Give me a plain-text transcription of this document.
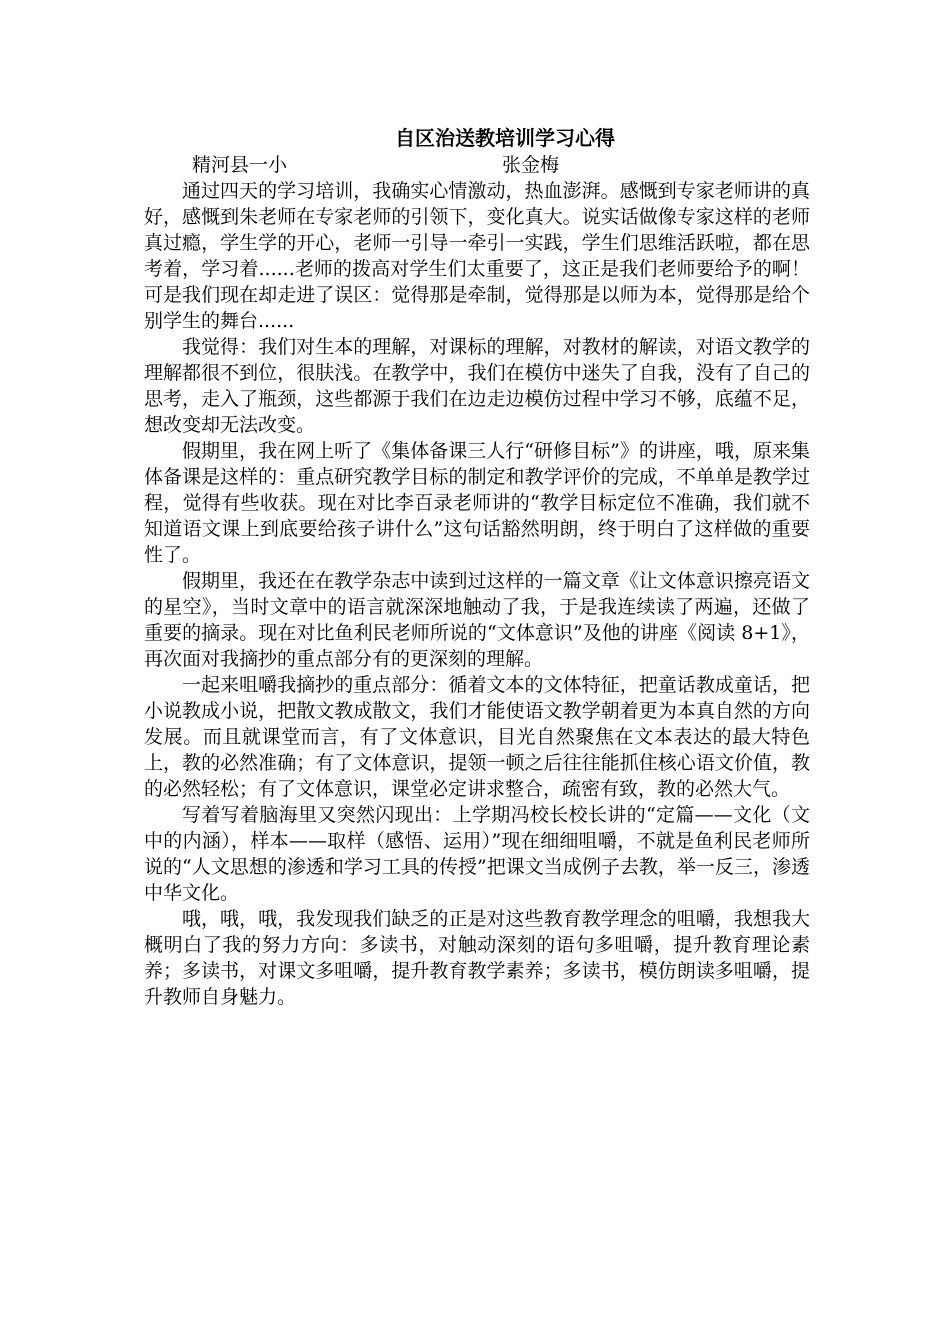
自区治送教培训学习心得
精河县一小	张金梅

通过四天的学习培训，我确实心情激动，热血澎湃。感慨到专家老师讲的真好，感慨到朱老师在专家老师的引领下，变化真大。说实话做像专家这样的老师真过瘾，学生学的开心，老师一引导一牵引一实践，学生们思维活跃啦，都在思考着，学习着......老师的拨高对学生们太重要了，这正是我们老师要给予的啊！可是我们现在却走进了误区：觉得那是牵制，觉得那是以师为本，觉得那是给个别学生的舞台......

我觉得：我们对生本的理解，对课标的理解，对教材的解读，对语文教学的理解都很不到位，很肤浅。在教学中，我们在模仿中迷失了自我，没有了自己的思考，走入了瓶颈，这些都源于我们在边走边模仿过程中学习不够，底蕴不足，想改变却无法改变。

假期里，我在网上听了《集体备课三人行“研修目标”》的讲座，哦，原来集体备课是这样的：重点研究教学目标的制定和教学评价的完成，不单单是教学过程，觉得有些收获。现在对比李百录老师讲的“教学目标定位不准确，我们就不知道语文课上到底要给孩子讲什么”这句话豁然明朗，终于明白了这样做的重要性了。

假期里，我还在在教学杂志中读到过这样的一篇文章《让文体意识擦亮语文的星空》，当时文章中的语言就深深地触动了我，于是我连续读了两遍，还做了重要的摘录。现在对比鱼利民老师所说的“文体意识”及他的讲座《阅读 8+1》，再次面对我摘抄的重点部分有的更深刻的理解。

一起来咀嚼我摘抄的重点部分：循着文本的文体特征，把童话教成童话，把小说教成小说，把散文教成散文，我们才能使语文教学朝着更为本真自然的方向发展。而且就课堂而言，有了文体意识，目光自然聚焦在文本表达的最大特色上，教的必然准确；有了文体意识，提领一顿之后往往能抓住核心语文价值，教的必然轻松；有了文体意识，课堂必定讲求整合，疏密有致，教的必然大气。

写着写着脑海里又突然闪现出：上学期冯校长校长讲的“定篇——文化（文中的内涵），样本——取样（感悟、运用）”现在细细咀嚼，不就是鱼利民老师所说的“人文思想的渗透和学习工具的传授”把课文当成例子去教，举一反三，渗透中华文化。

哦，哦，哦，我发现我们缺乏的正是对这些教育教学理念的咀嚼，我想我大概明白了我的努力方向：多读书，对触动深刻的语句多咀嚼，提升教育理论素养；多读书，对课文多咀嚼，提升教育教学素养；多读书，模仿朗读多咀嚼，提升教师自身魅力。
